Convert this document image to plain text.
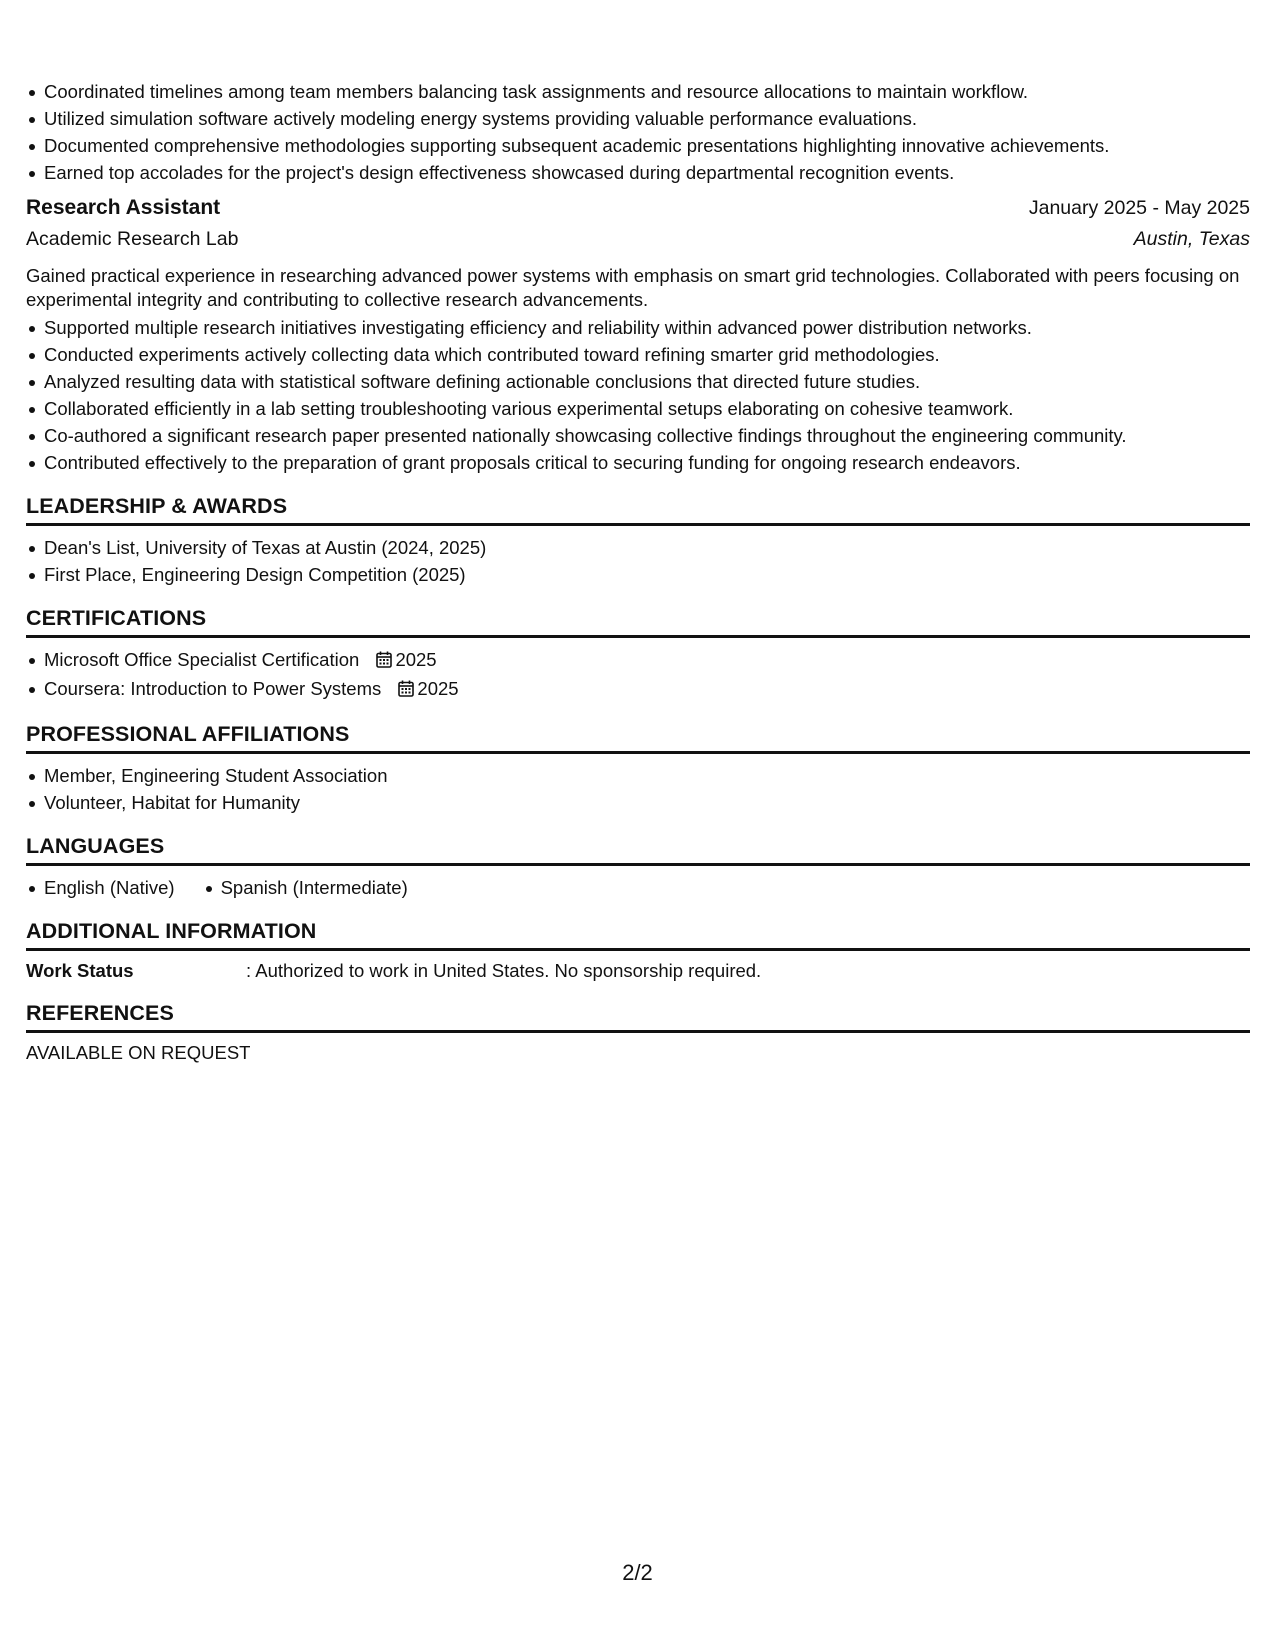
Coordinated timelines among team members balancing task assignments and resource allocations to maintain workflow.
Utilized simulation software actively modeling energy systems providing valuable performance evaluations.
Documented comprehensive methodologies supporting subsequent academic presentations highlighting innovative achievements.
Earned top accolades for the project's design effectiveness showcased during departmental recognition events.
Research Assistant	January 2025 - May 2025
Academic Research Lab	Austin, Texas
Gained practical experience in researching advanced power systems with emphasis on smart grid technologies. Collaborated with peers focusing on experimental integrity and contributing to collective research advancements.
Supported multiple research initiatives investigating efficiency and reliability within advanced power distribution networks.
Conducted experiments actively collecting data which contributed toward refining smarter grid methodologies.
Analyzed resulting data with statistical software defining actionable conclusions that directed future studies.
Collaborated efficiently in a lab setting troubleshooting various experimental setups elaborating on cohesive teamwork.
Co-authored a significant research paper presented nationally showcasing collective findings throughout the engineering community.
Contributed effectively to the preparation of grant proposals critical to securing funding for ongoing research endeavors.
LEADERSHIP & AWARDS
Dean's List, University of Texas at Austin (2024, 2025)
First Place, Engineering Design Competition (2025)
CERTIFICATIONS
Microsoft Office Specialist Certification 2025
Coursera: Introduction to Power Systems 2025
PROFESSIONAL AFFILIATIONS
Member, Engineering Student Association
Volunteer, Habitat for Humanity
LANGUAGES
English (Native) Spanish (Intermediate)
ADDITIONAL INFORMATION
Work Status	: Authorized to work in United States. No sponsorship required.
REFERENCES
AVAILABLE ON REQUEST
2/2
